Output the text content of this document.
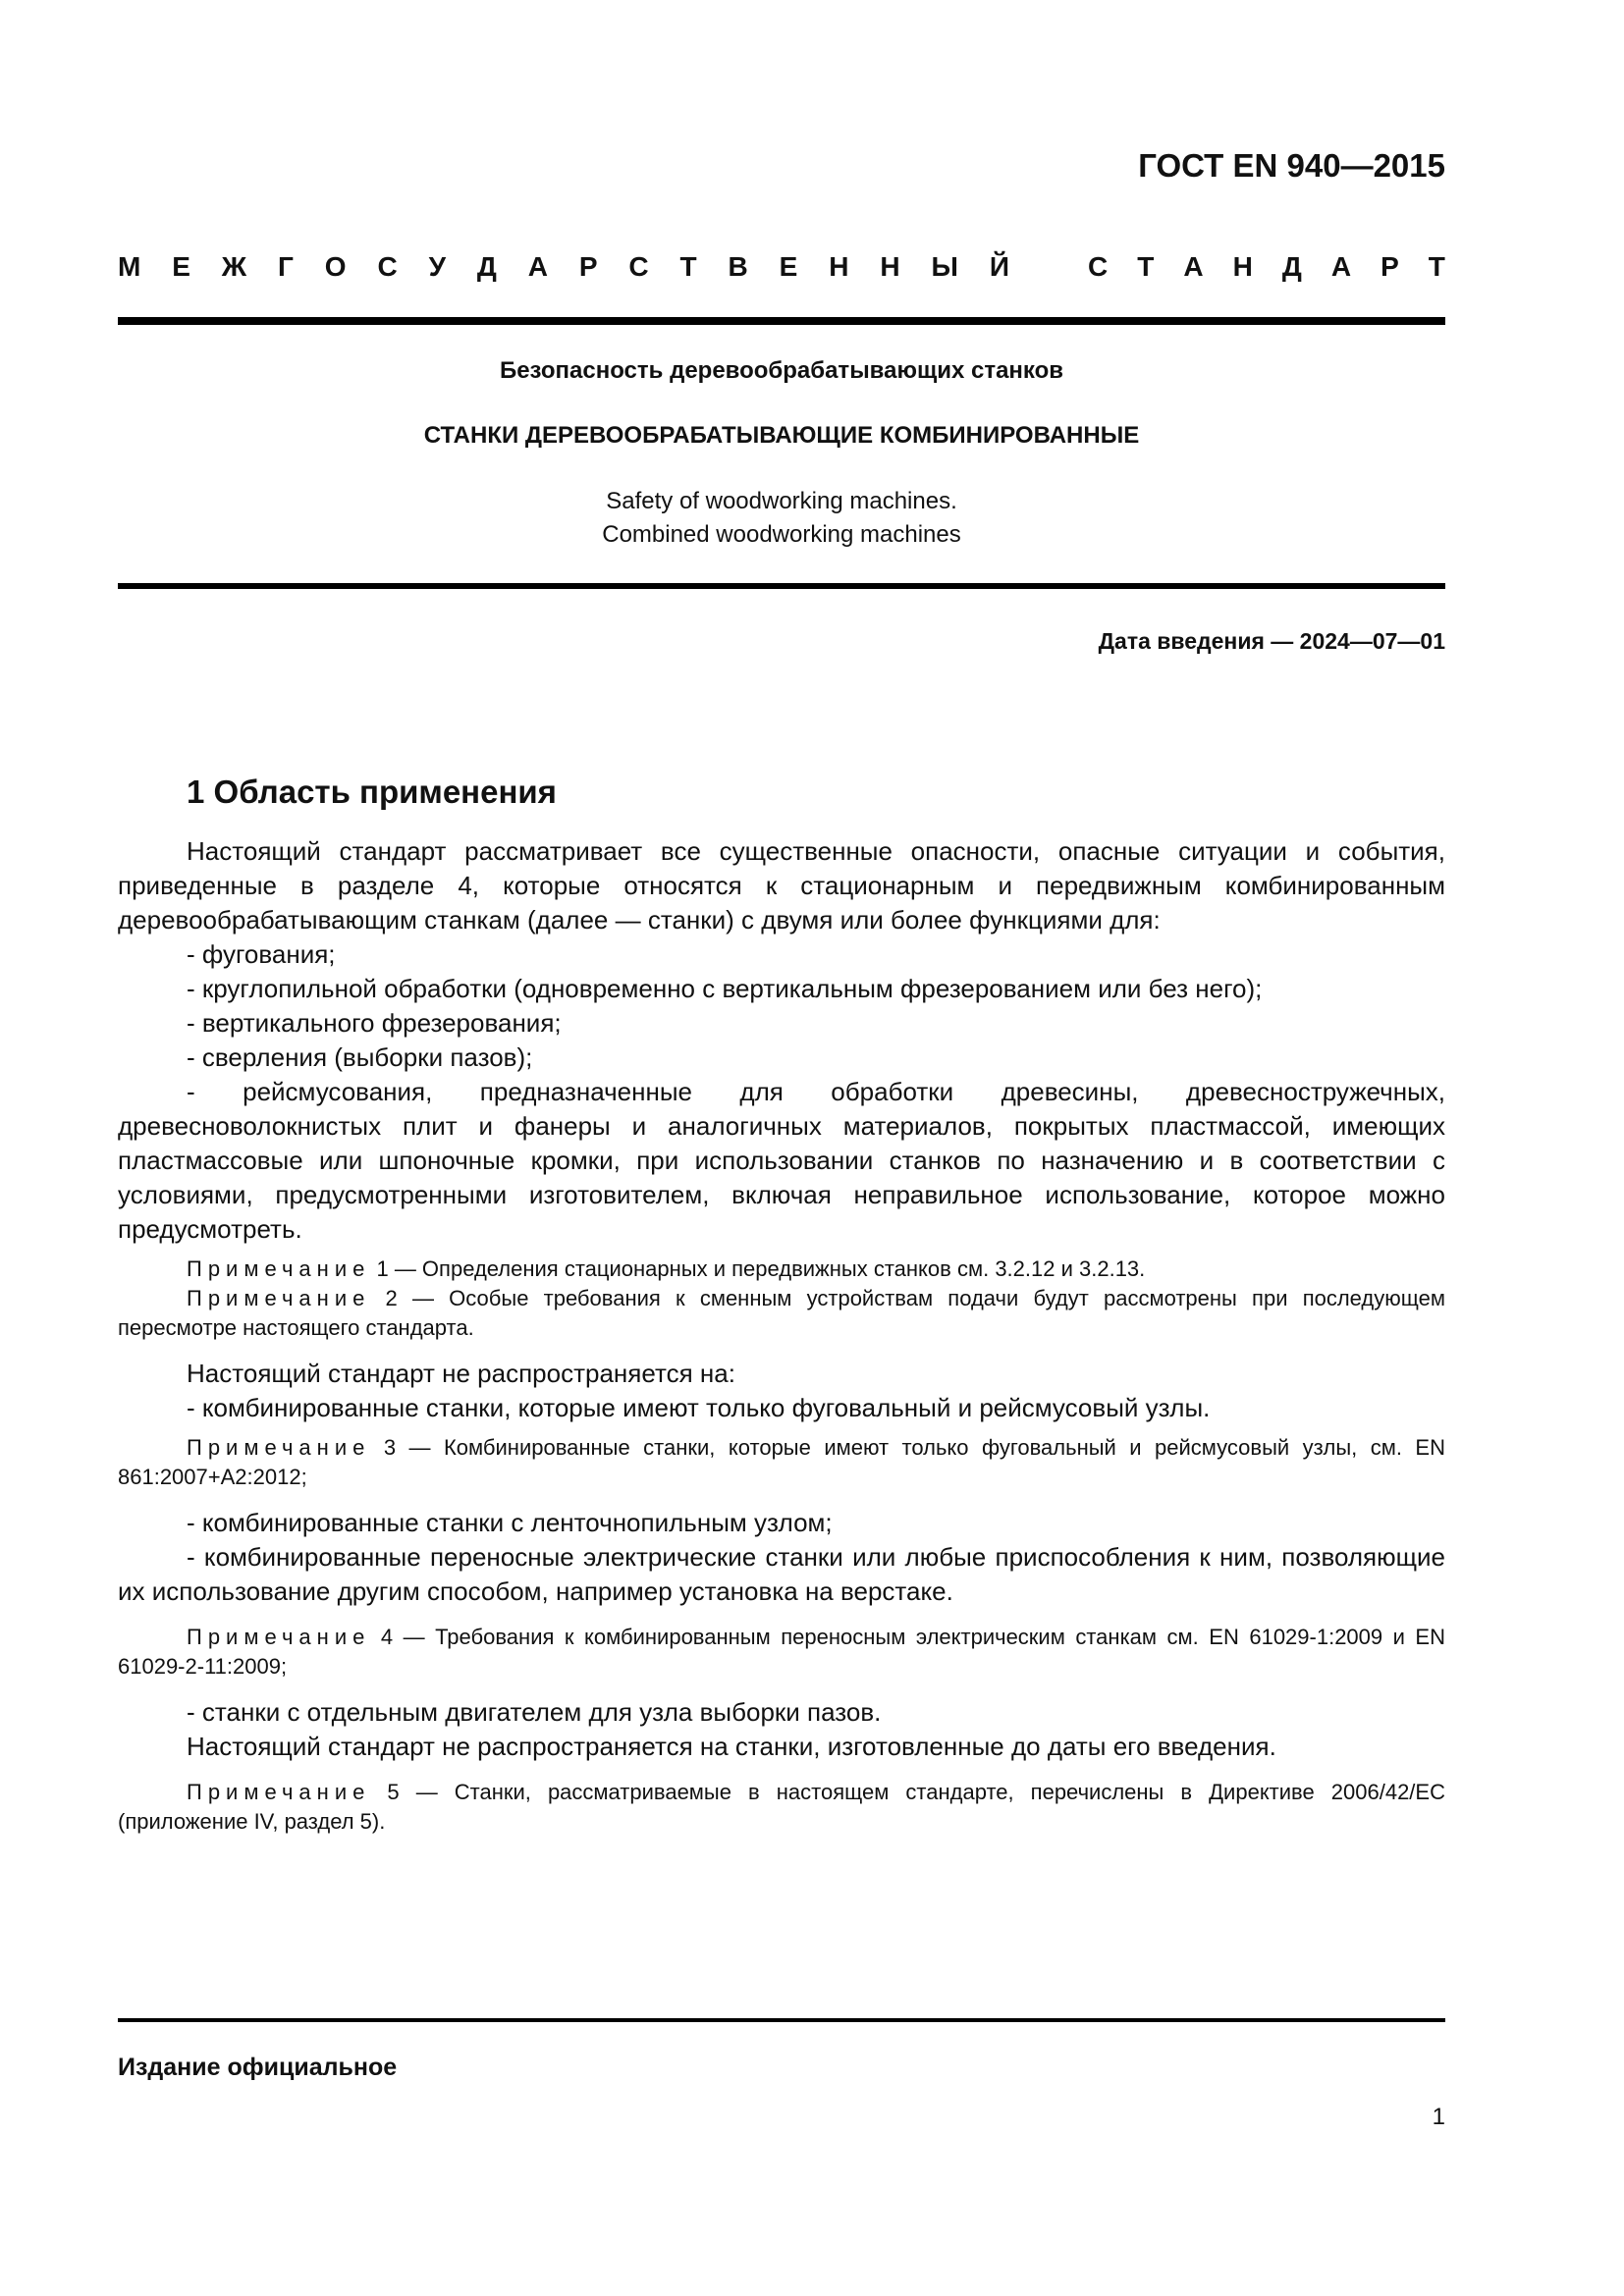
ГОСТ EN 940—2015
М Е Ж Г О С У Д А Р С Т В Е Н Н Ы Й	С Т А Н Д А Р Т
Безопасность деревообрабатывающих станков
СТАНКИ ДЕРЕВООБРАБАТЫВАЮЩИЕ КОМБИНИРОВАННЫЕ
Safety of woodworking machines.
Combined woodworking machines
Дата введения — 2024—07—01
1 Область применения

Настоящий стандарт рассматривает все существенные опасности, опасные ситуации и события, приведенные в разделе 4, которые относятся к стационарным и передвижным комбинированным деревообрабатывающим станкам (далее — станки) с двумя или более функциями для:

- фугования;

- круглопильной обработки (одновременно с вертикальным фрезерованием или без него);

- вертикального фрезерования;

- сверления (выборки пазов);

- рейсмусования, предназначенные для обработки древесины, древесностружечных, древесноволокнистых плит и фанеры и аналогичных материалов, покрытых пластмассой, имеющих пластмассовые или шпоночные кромки, при использовании станков по назначению и в соответствии с условиями, предусмотренными изготовителем, включая неправильное использование, которое можно предусмотреть.

Примечание 1 — Определения стационарных и передвижных станков см. 3.2.12 и 3.2.13.

Примечание 2 — Особые требования к сменным устройствам подачи будут рассмотрены при последующем пересмотре настоящего стандарта.

Настоящий стандарт не распространяется на:

- комбинированные станки, которые имеют только фуговальный и рейсмусовый узлы.

Примечание 3 — Комбинированные станки, которые имеют только фуговальный и рейсмусовый узлы, см. EN 861:2007+A2:2012;

- комбинированные станки с ленточнопильным узлом;

- комбинированные переносные электрические станки или любые приспособления к ним, позволяющие их использование другим способом, например установка на верстаке.

Примечание 4 — Требования к комбинированным переносным электрическим станкам см. EN 61029-1:2009 и EN 61029-2-11:2009;

- станки с отдельным двигателем для узла выборки пазов.

Настоящий стандарт не распространяется на станки, изготовленные до даты его введения.

Примечание 5 — Станки, рассматриваемые в настоящем стандарте, перечислены в Директиве 2006/42/ЕС (приложение IV, раздел 5).

Издание официальное
1
